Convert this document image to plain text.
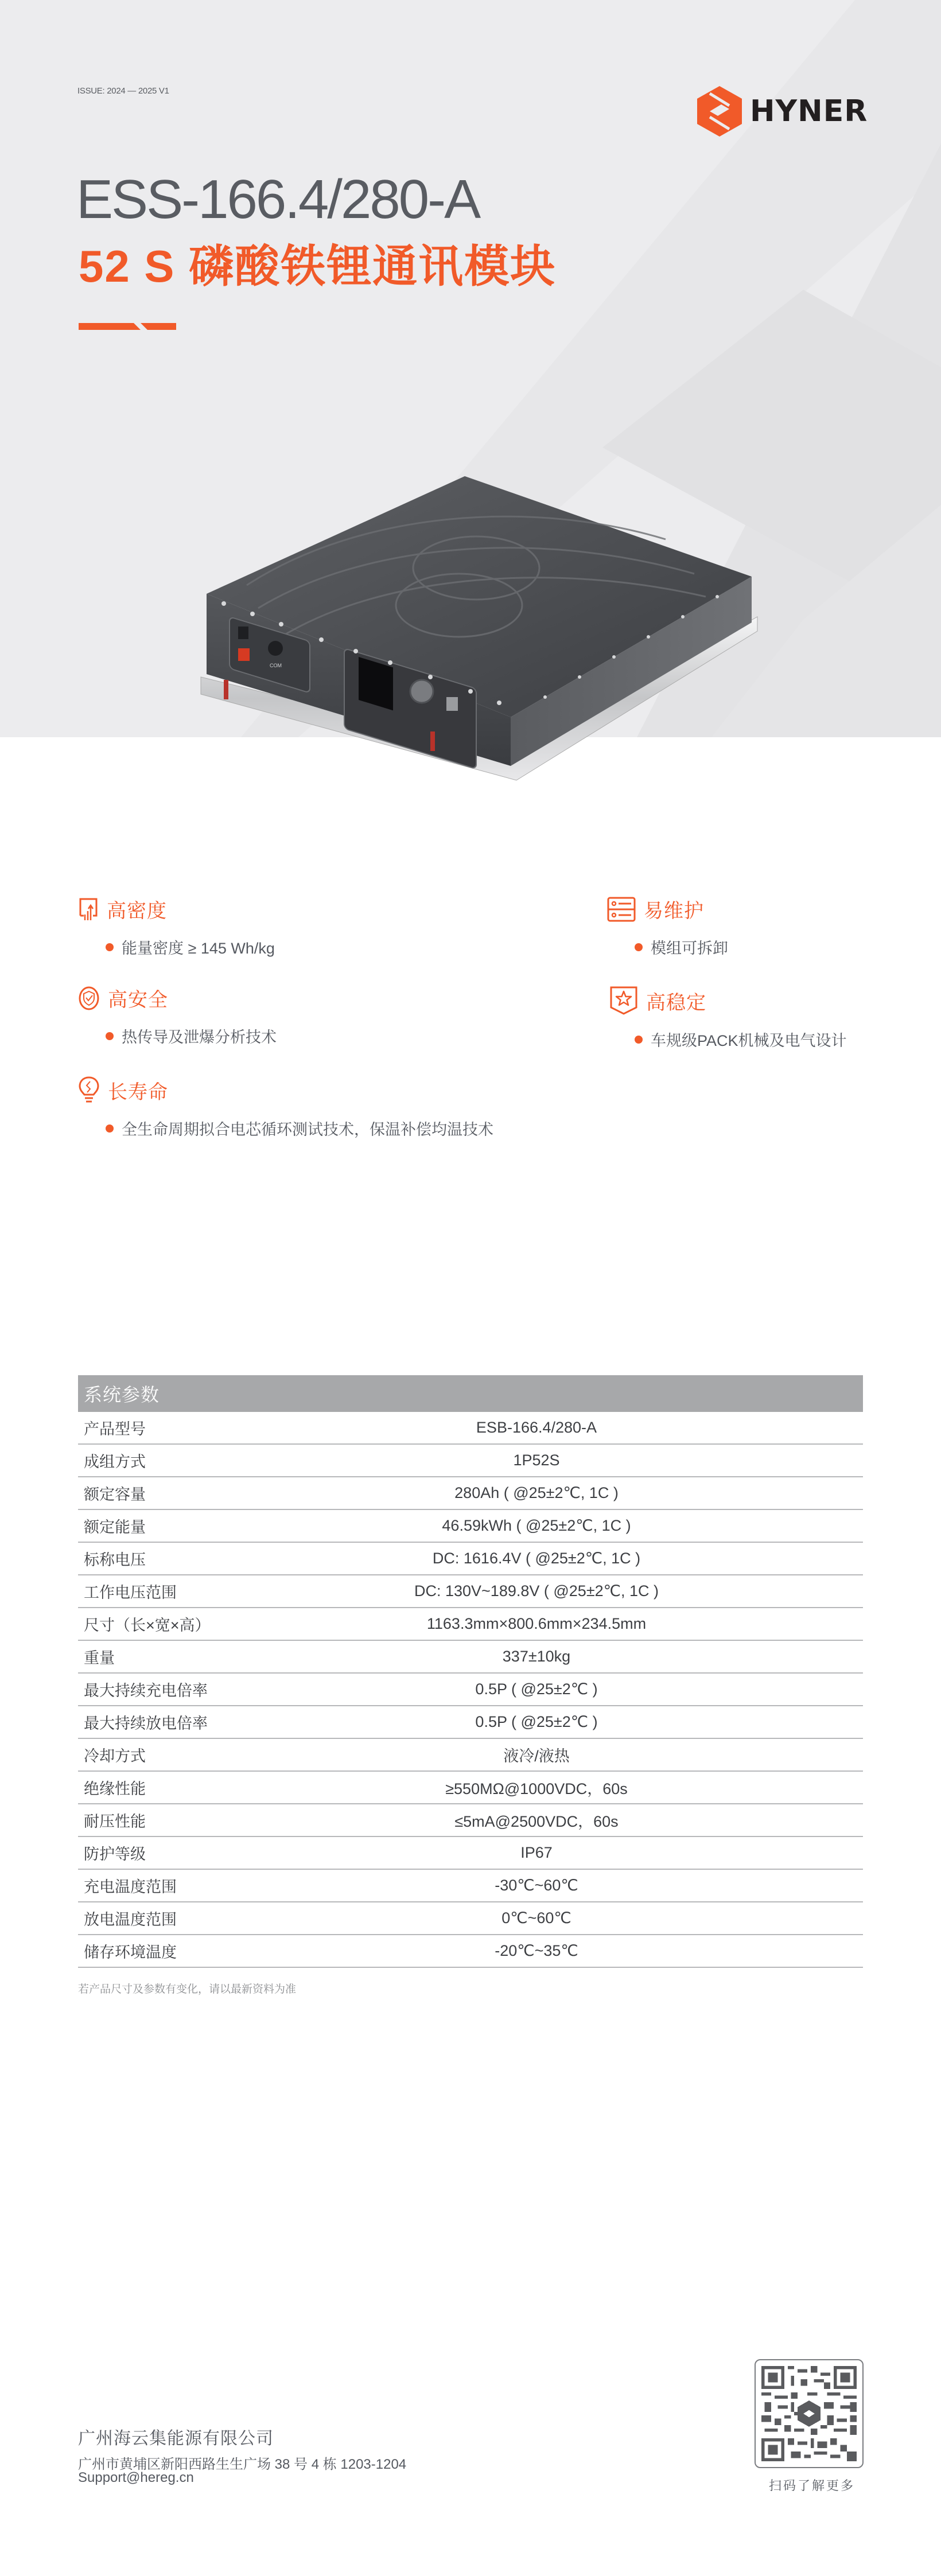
ISSUE: 2024 — 2025 V1
HYNER
ESS-166.4/280-A
52 S 磷酸铁锂通讯模块
COM
高密度
能量密度 ≥ 145 Wh/kg
易维护
模组可拆卸
高安全
热传导及泄爆分析技术
高稳定
车规级PACK机械及电气设计
长寿命
全生命周期拟合电芯循环测试技术，保温补偿均温技术
系统参数
产品型号	ESB-166.4/280-A
成组方式	1P52S
额定容量	280Ah ( @25±2℃, 1C )
额定能量	46.59kWh ( @25±2℃, 1C )
标称电压	DC: 1616.4V ( @25±2℃, 1C )
工作电压范围	DC: 130V~189.8V ( @25±2℃, 1C )
尺寸（长×宽×高）	1163.3mm×800.6mm×234.5mm
重量	337±10kg
最大持续充电倍率	0.5P ( @25±2℃ )
最大持续放电倍率	0.5P ( @25±2℃ )
冷却方式	液冷/液热
绝缘性能	≥550MΩ@1000VDC，60s
耐压性能	≤5mA@2500VDC，60s
防护等级	IP67
充电温度范围	-30℃~60℃
放电温度范围	0℃~60℃
储存环境温度	-20℃~35℃
若产品尺寸及参数有变化，请以最新资料为准
广州海云集能源有限公司
广州市黄埔区新阳西路生生广场 38 号 4 栋 1203-1204
Support@hereg.cn
扫码了解更多
